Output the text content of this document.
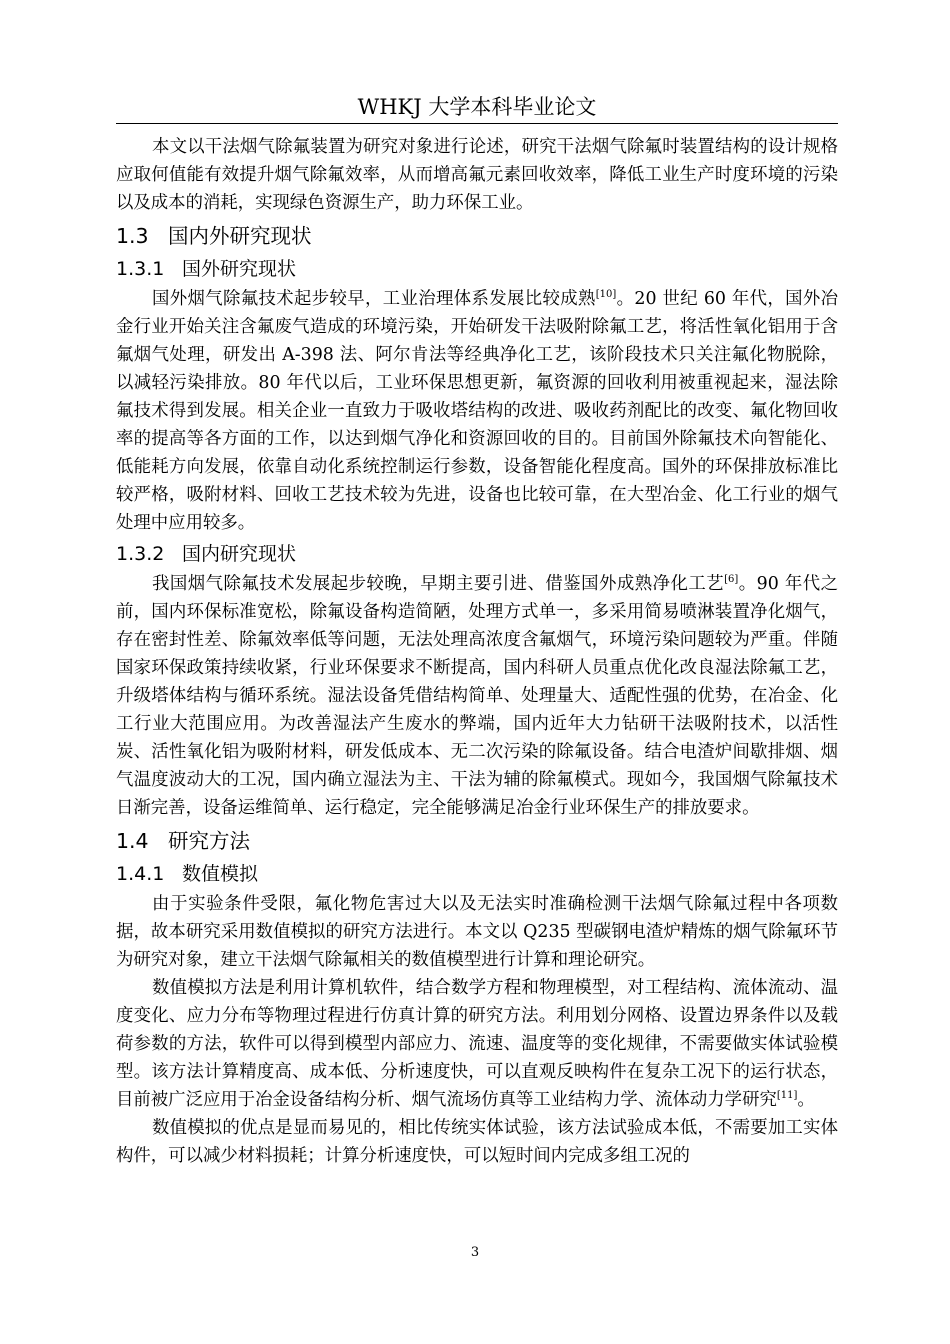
WHKJ 大学本科毕业论文

本文以干法烟气除氟装置为研究对象进行论述，研究干法烟气除氟时装置结构的设计规格应取何值能有效提升烟气除氟效率，从而增高氟元素回收效率，降低工业生产时度环境的污染以及成本的消耗，实现绿色资源生产，助力环保工业。

1.3 国内外研究现状
1.3.1 国外研究现状

国外烟气除氟技术起步较早，工业治理体系发展比较成熟[10]。20 世纪 60 年代，国外冶金行业开始关注含氟废气造成的环境污染，开始研发干法吸附除氟工艺，将活性氧化铝用于含氟烟气处理，研发出 A-398 法、阿尔肯法等经典净化工艺，该阶段技术只关注氟化物脱除，以减轻污染排放。80 年代以后，工业环保思想更新，氟资源的回收利用被重视起来，湿法除氟技术得到发展。相关企业一直致力于吸收塔结构的改进、吸收药剂配比的改变、氟化物回收率的提高等各方面的工作，以达到烟气净化和资源回收的目的。目前国外除氟技术向智能化、低能耗方向发展，依靠自动化系统控制运行参数，设备智能化程度高。国外的环保排放标准比较严格，吸附材料、回收工艺技术较为先进，设备也比较可靠，在大型冶金、化工行业的烟气处理中应用较多。

1.3.2 国内研究现状

我国烟气除氟技术发展起步较晚，早期主要引进、借鉴国外成熟净化工艺[6]。90 年代之前，国内环保标准宽松，除氟设备构造简陋，处理方式单一，多采用简易喷淋装置净化烟气，存在密封性差、除氟效率低等问题，无法处理高浓度含氟烟气，环境污染问题较为严重。伴随国家环保政策持续收紧，行业环保要求不断提高，国内科研人员重点优化改良湿法除氟工艺，升级塔体结构与循环系统。湿法设备凭借结构简单、处理量大、适配性强的优势，在冶金、化工行业大范围应用。为改善湿法产生废水的弊端，国内近年大力钻研干法吸附技术，以活性炭、活性氧化铝为吸附材料，研发低成本、无二次污染的除氟设备。结合电渣炉间歇排烟、烟气温度波动大的工况，国内确立湿法为主、干法为辅的除氟模式。现如今，我国烟气除氟技术日渐完善，设备运维简单、运行稳定，完全能够满足冶金行业环保生产的排放要求。

1.4 研究方法
1.4.1 数值模拟

由于实验条件受限，氟化物危害过大以及无法实时准确检测干法烟气除氟过程中各项数据，故本研究采用数值模拟的研究方法进行。本文以 Q235 型碳钢电渣炉精炼的烟气除氟环节为研究对象，建立干法烟气除氟相关的数值模型进行计算和理论研究。

数值模拟方法是利用计算机软件，结合数学方程和物理模型，对工程结构、流体流动、温度变化、应力分布等物理过程进行仿真计算的研究方法。利用划分网格、设置边界条件以及载荷参数的方法，软件可以得到模型内部应力、流速、温度等的变化规律，不需要做实体试验模型。该方法计算精度高、成本低、分析速度快，可以直观反映构件在复杂工况下的运行状态，目前被广泛应用于冶金设备结构分析、烟气流场仿真等工业结构力学、流体动力学研究[11]。

数值模拟的优点是显而易见的，相比传统实体试验，该方法试验成本低，不需要加工实体构件，可以减少材料损耗；计算分析速度快，可以短时间内完成多组工况的

3
